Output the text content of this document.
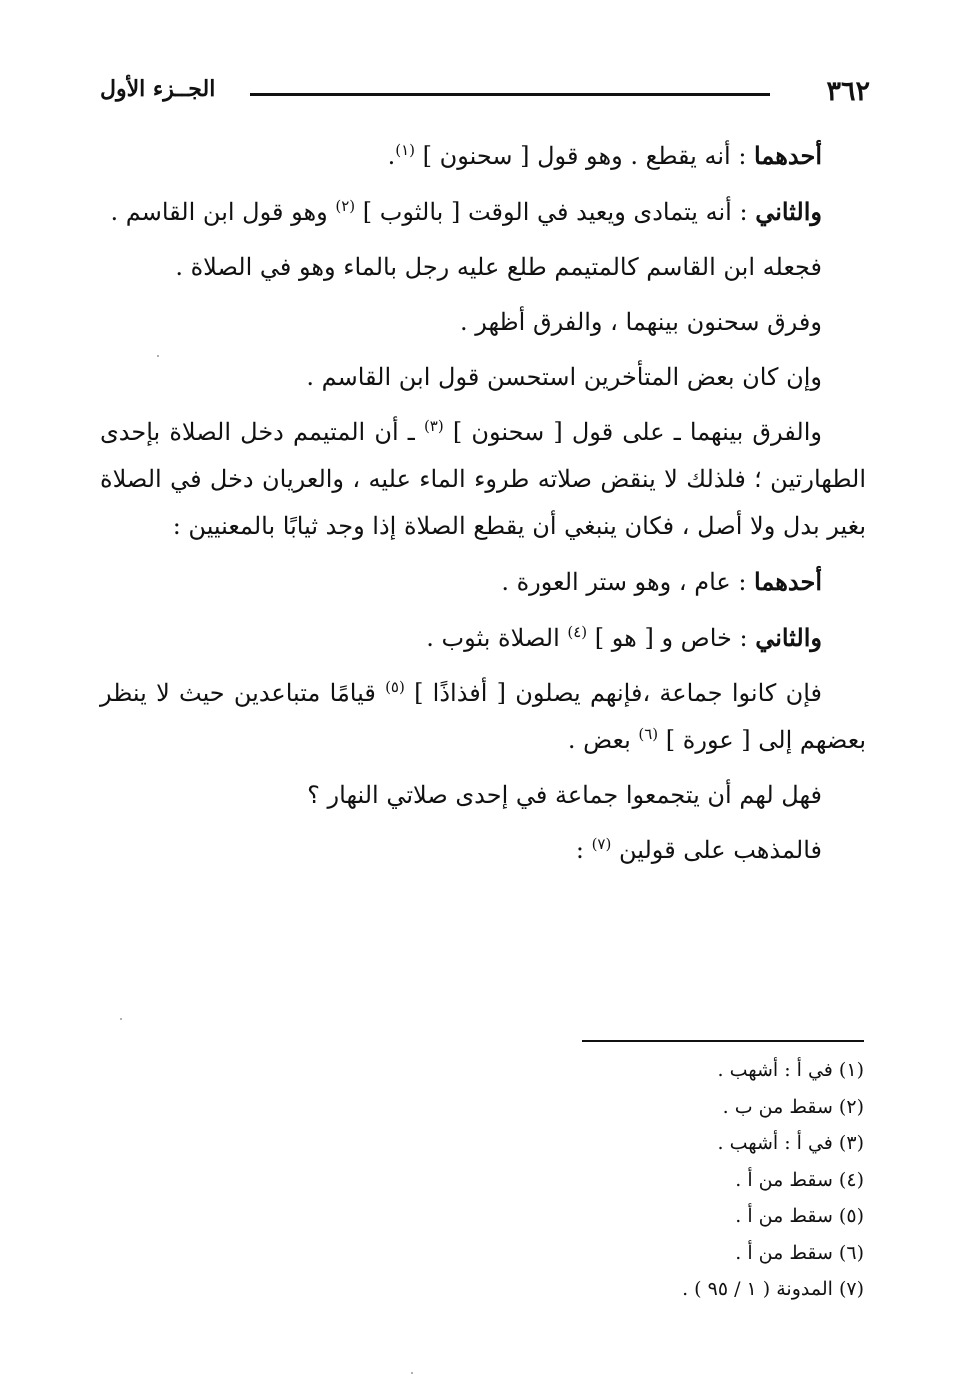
٣٦٢
الجــزء الأول

أحدهما : أنه يقطع . وهو قول [ سحنون ] $^{(١)}$.

والثاني : أنه يتمادى ويعيد في الوقت [ بالثوب ] $^{(٢)}$ وهو قول ابن القاسم .

فجعله ابن القاسم كالمتيمم طلع عليه رجل بالماء وهو في الصلاة .

وفرق سحنون بينهما ، والفرق أظهر .

وإن كان بعض المتأخرين استحسن قول ابن القاسم .

والفرق بينهما ـ على قول [ سحنون ] $^{(٣)}$ ـ أن المتيمم دخل الصلاة بإحدى الطهارتين ؛ فلذلك لا ينقض صلاته طروء الماء عليه ، والعريان دخل في الصلاة بغير بدل ولا أصل ، فكان ينبغي أن يقطع الصلاة إذا وجد ثيابًا بالمعنيين :

أحدهما : عام ، وهو ستر العورة .

والثاني : خاص و [ هو ] $^{(٤)}$ الصلاة بثوب .

فإن كانوا جماعة ،فإنهم يصلون [ أفذاذًا ] $^{(٥)}$ قيامًا متباعدين حيث لا ينظر بعضهم إلى [ عورة ] $^{(٦)}$ بعض .

فهل لهم أن يتجمعوا جماعة في إحدى صلاتي النهار ؟

فالمذهب على قولين $^{(٧)}$ :

(١) في أ : أشهب .
(٢) سقط من ب .
(٣) في أ : أشهب .
(٤) سقط من أ .
(٥) سقط من أ .
(٦) سقط من أ .
(٧) المدونة ( ١ / ٩٥ ) .
